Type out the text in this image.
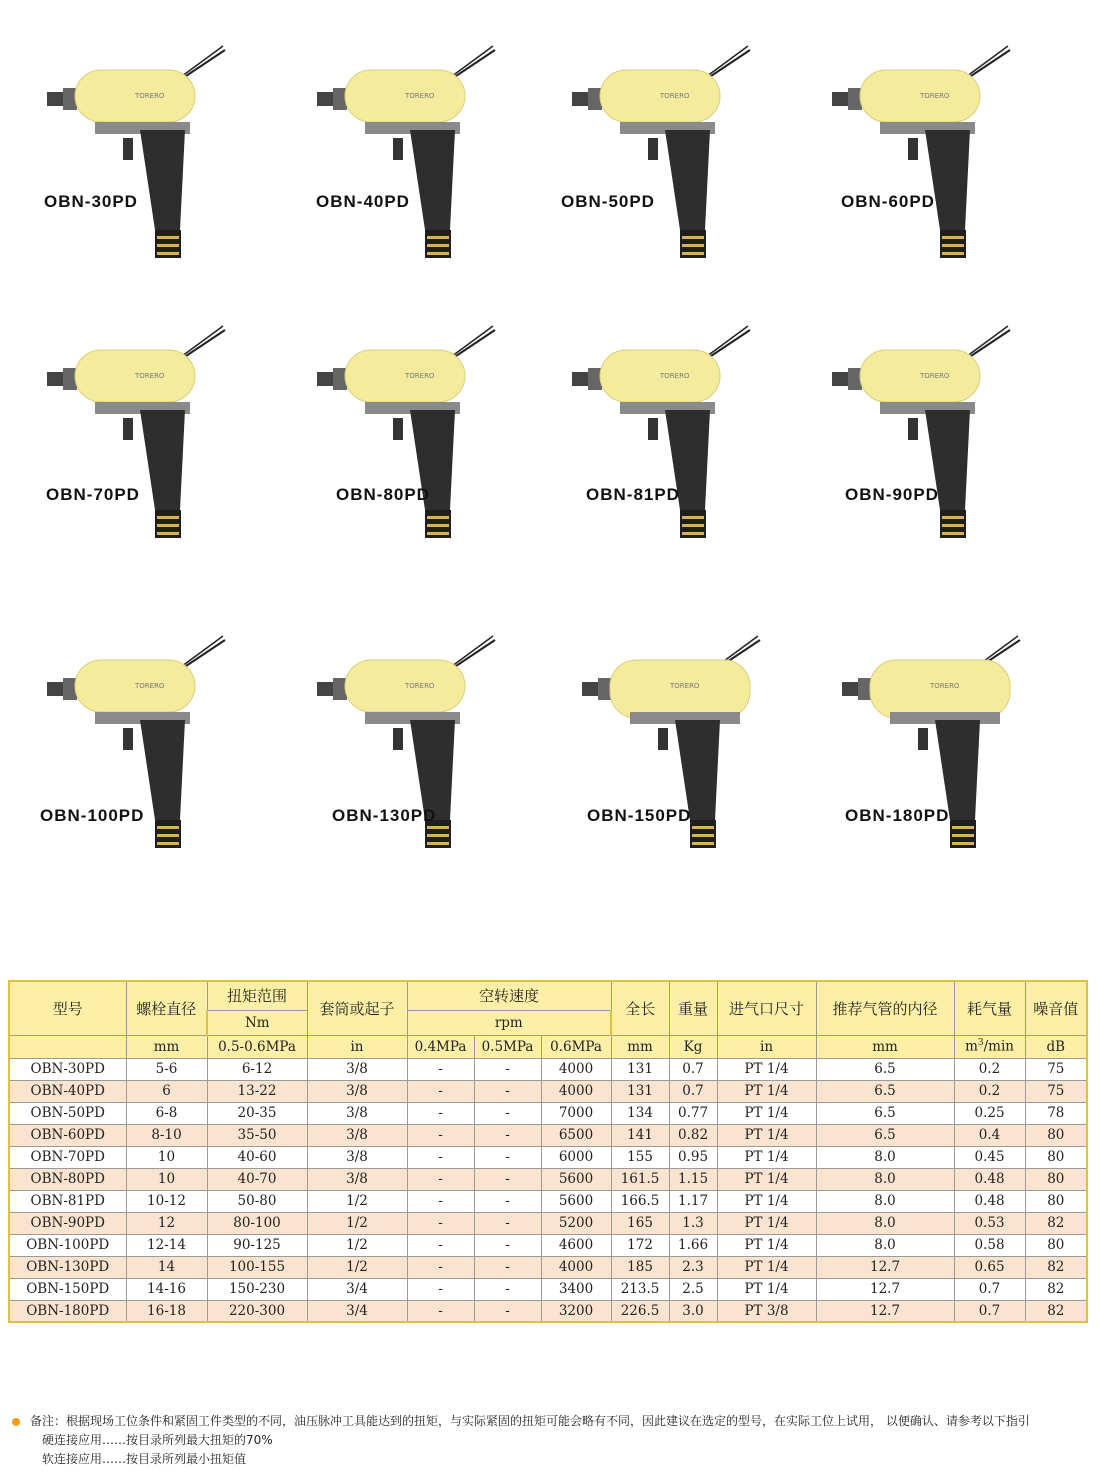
TORERO
OBN-30PD
TORERO
OBN-40PD
TORERO
OBN-50PD
TORERO
OBN-60PD
TORERO
OBN-70PD
TORERO
OBN-80PD
TORERO
OBN-81PD
TORERO
OBN-90PD
TORERO
OBN-100PD
TORERO
OBN-130PD
TORERO
OBN-150PD
TORERO
OBN-180PD
型号	螺栓直径	扭矩范围	套筒或起子	空转速度			全长	重量	进气口尺寸	推荐气管的内径	耗气量	噪音值
		Nm		rpm								
	mm	0.5-0.6MPa	in	0.4MPa	0.5MPa	0.6MPa	mm	Kg	in	mm	$m^3/\min$	dB
OBN-30PD	5-6	6-12	3/8	-	-	4000	131	0.7	PT 1/4	6.5	0.2	75
OBN-40PD	6	13-22	3/8	-	-	4000	131	0.7	PT 1/4	6.5	0.2	75
OBN-50PD	6-8	20-35	3/8	-	-	7000	134	0.77	PT 1/4	6.5	0.25	78
OBN-60PD	8-10	35-50	3/8	-	-	6500	141	0.82	PT 1/4	6.5	0.4	80
OBN-70PD	10	40-60	3/8	-	-	6000	155	0.95	PT 1/4	8.0	0.45	80
OBN-80PD	10	40-70	3/8	-	-	5600	161.5	1.15	PT 1/4	8.0	0.48	80
OBN-81PD	10-12	50-80	1/2	-	-	5600	166.5	1.17	PT 1/4	8.0	0.48	80
OBN-90PD	12	80-100	1/2	-	-	5200	165	1.3	PT 1/4	8.0	0.53	82
OBN-100PD	12-14	90-125	1/2	-	-	4600	172	1.66	PT 1/4	8.0	0.58	80
OBN-130PD	14	100-155	1/2	-	-	4000	185	2.3	PT 1/4	12.7	0.65	82
OBN-150PD	14-16	150-230	3/4	-	-	3400	213.5	2.5	PT 1/4	12.7	0.7	82
OBN-180PD	16-18	220-300	3/4	-	-	3200	226.5	3.0	PT 3/8	12.7	0.7	82
备注：根据现场工位条件和紧固工件类型的不同，油压脉冲工具能达到的扭矩，与实际紧固的扭矩可能会略有不同，因此建议在选定的型号，在实际工位上试用， 以便确认、请参考以下指引
硬连接应用……按目录所列最大扭矩的70%
软连接应用……按目录所列最小扭矩值
